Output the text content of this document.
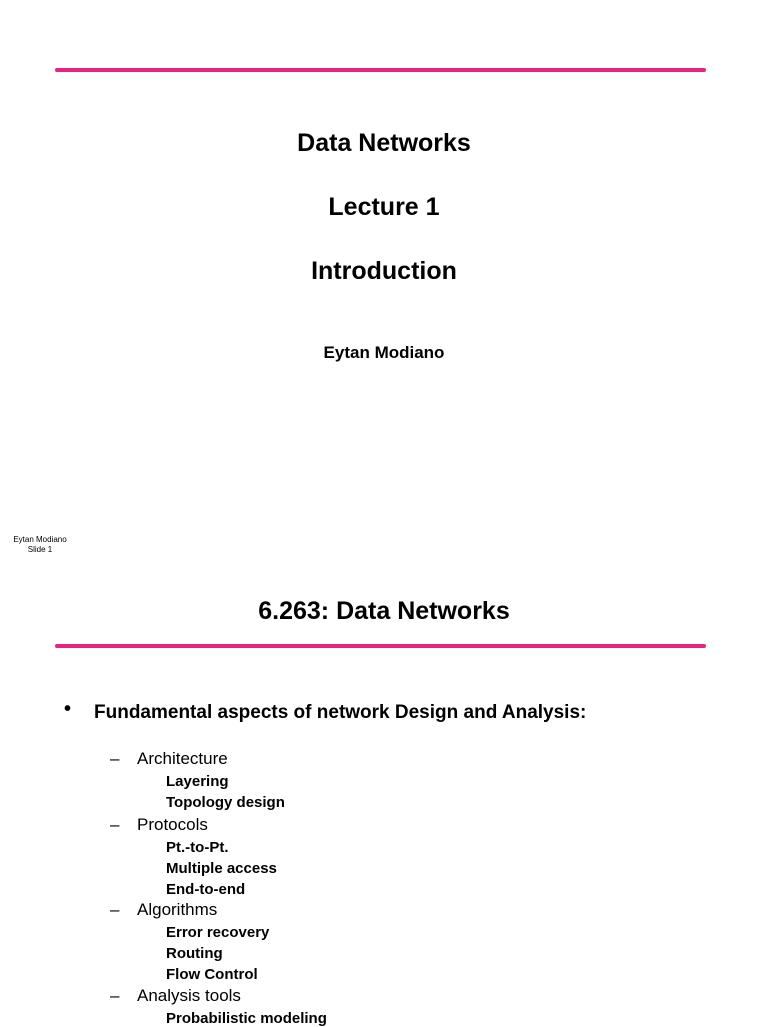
Data Networks
Lecture 1
Introduction
Eytan Modiano
Eytan Modiano
Slide 1
6.263: Data Networks
• Fundamental aspects of network Design and Analysis:
– Architecture
Layering
Topology design
– Protocols
Pt.-to-Pt.
Multiple access
End-to-end
– Algorithms
Error recovery
Routing
Flow Control
– Analysis tools
Probabilistic modeling
